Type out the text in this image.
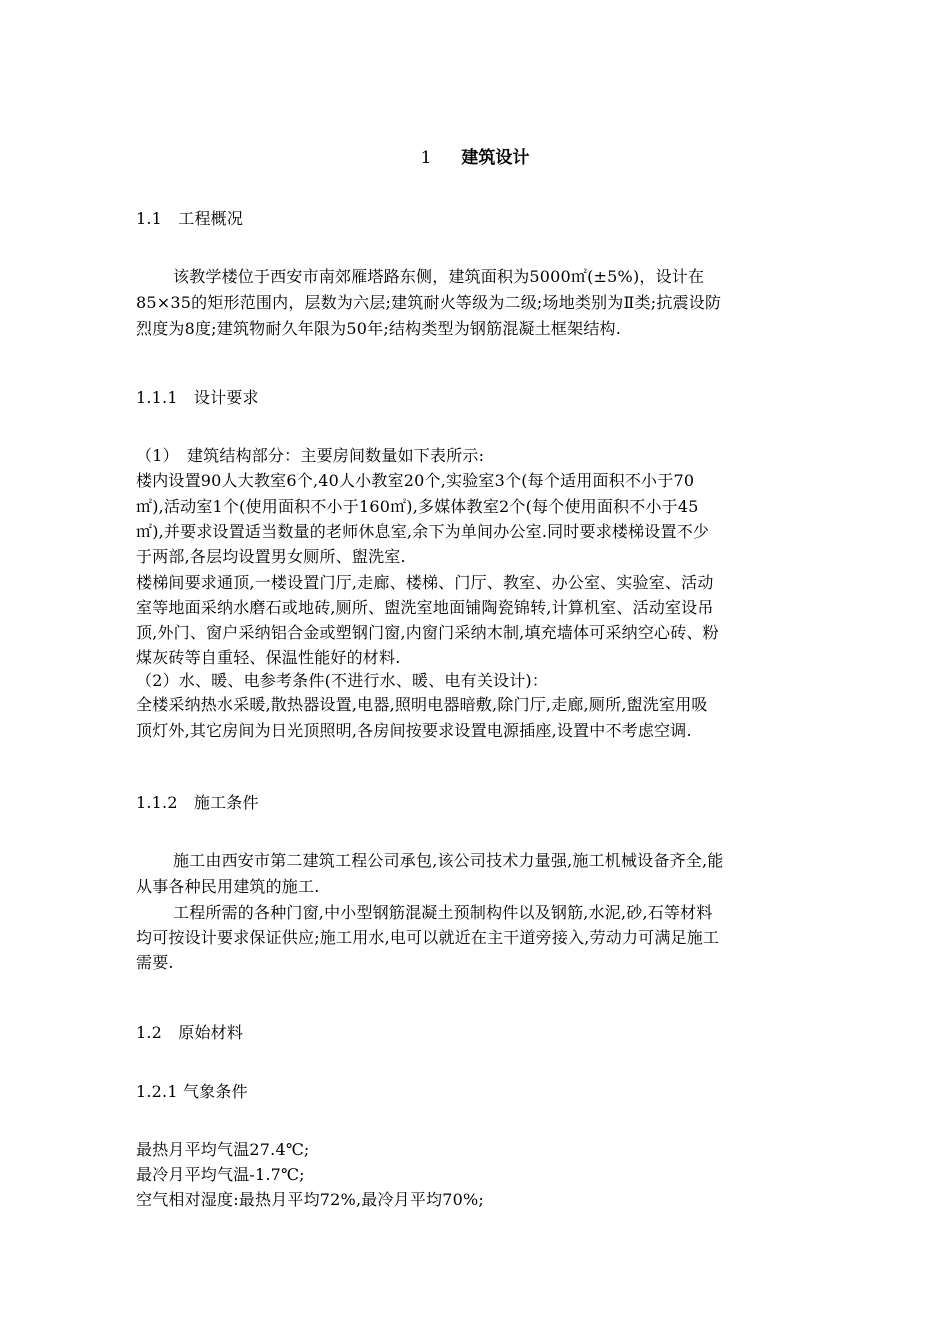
1 建筑设计
1.1　工程概况
该教学楼位于西安市南郊雁塔路东侧，建筑面积为5000㎡(±5%)，设计在
85×35的矩形范围内，层数为六层;建筑耐火等级为二级;场地类别为Ⅱ类;抗震设防
烈度为8度;建筑物耐久年限为50年;结构类型为钢筋混凝土框架结构.
1.1.1　设计要求
（1）　建筑结构部分：主要房间数量如下表所示:
楼内设置90人大教室6个,40人小教室20个,实验室3个(每个适用面积不小于70
㎡),活动室1个(使用面积不小于160㎡),多媒体教室2个(每个使用面积不小于45
㎡),并要求设置适当数量的老师休息室,余下为单间办公室.同时要求楼梯设置不少
于两部,各层均设置男女厕所、盥洗室.
楼梯间要求通顶,一楼设置门厅,走廊、楼梯、门厅、教室、办公室、实验室、活动
室等地面采纳水磨石或地砖,厕所、盥洗室地面铺陶瓷锦转,计算机室、活动室设吊
顶,外门、窗户采纳铝合金或塑钢门窗,内窗门采纳木制,填充墙体可采纳空心砖、粉
煤灰砖等自重轻、保温性能好的材料.
（2）水、暖、电参考条件(不进行水、暖、电有关设计)：
全楼采纳热水采暖,散热器设置,电器,照明电器暗敷,除门厅,走廊,厕所,盥洗室用吸
顶灯外,其它房间为日光顶照明,各房间按要求设置电源插座,设置中不考虑空调.
1.1.2　施工条件
施工由西安市第二建筑工程公司承包,该公司技术力量强,施工机械设备齐全,能
从事各种民用建筑的施工.
工程所需的各种门窗,中小型钢筋混凝土预制构件以及钢筋,水泥,砂,石等材料
均可按设计要求保证供应;施工用水,电可以就近在主干道旁接入,劳动力可满足施工
需要.
1.2　原始材料
1.2.1 气象条件
最热月平均气温27.4℃;
最冷月平均气温-1.7℃;
空气相对湿度:最热月平均72%,最冷月平均70%;
